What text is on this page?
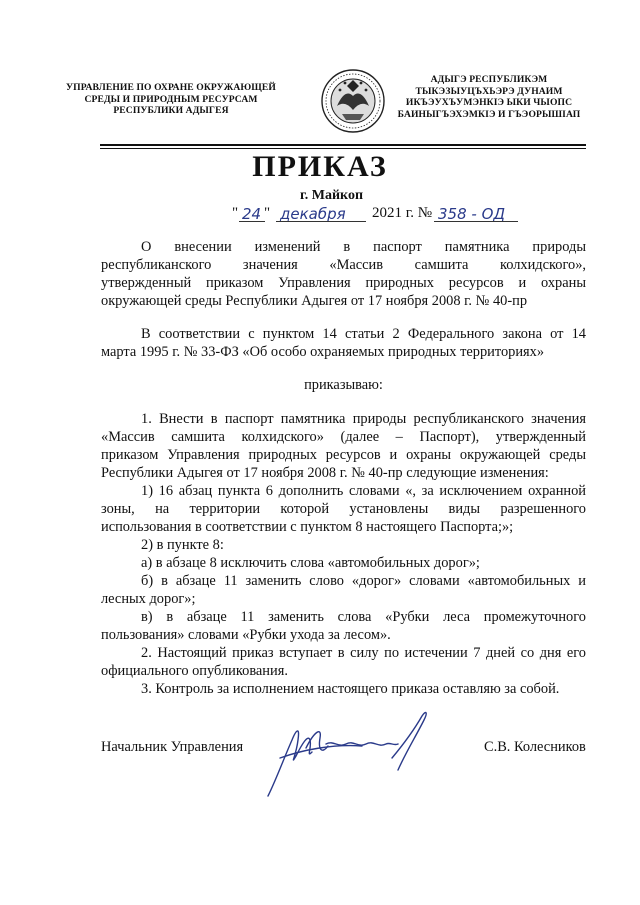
УПРАВЛЕНИЕ ПО ОХРАНЕ ОКРУЖАЮЩЕЙ
СРЕДЫ И ПРИРОДНЫМ РЕСУРСАМ
РЕСПУБЛИКИ АДЫГЕЯ
АДЫГЭ РЕСПУБЛИКЭМ
ТЫКЭЗЫУЦЪХЬЭРЭ ДУНАИМ
ИКЪЭУХЪУМЭНКIЭ ЫКИ ЧЫОПС
БАИНЫГЪЭХЭМКIЭ И ГЪЭОРЫШIАП
ПРИКАЗ
г. Майкоп
" 24 " декабря 2021 г. № 358 - ОД
О внесении изменений в паспорт памятника природы
республиканского значения «Массив самшита колхидского»,
утвержденный приказом Управления природных ресурсов и охраны
окружающей среды Республики Адыгея от 17 ноября 2008 г. № 40-пр
В соответствии с пунктом 14 статьи 2 Федерального закона от 14
марта 1995 г. № 33-ФЗ «Об особо охраняемых природных территориях»
приказываю:
1. Внести в паспорт памятника природы республиканского значения
«Массив самшита колхидского» (далее – Паспорт), утвержденный
приказом Управления природных ресурсов и охраны окружающей среды
Республики Адыгея от 17 ноября 2008 г. № 40-пр следующие изменения:
1) 16 абзац пункта 6 дополнить словами «, за исключением охранной
зоны, на территории которой установлены виды разрешенного
использования в соответствии с пунктом 8 настоящего Паспорта;»;
2) в пункте 8:
а) в абзаце 8 исключить слова «автомобильных дорог»;
б) в абзаце 11 заменить слово «дорог» словами «автомобильных и
лесных дорог»;
в) в абзаце 11 заменить слова «Рубки леса промежуточного
пользования» словами «Рубки ухода за лесом».
2. Настоящий приказ вступает в силу по истечении 7 дней со дня его
официального опубликования.
3. Контроль за исполнением настоящего приказа оставляю за собой.
Начальник Управления	С.В. Колесников
